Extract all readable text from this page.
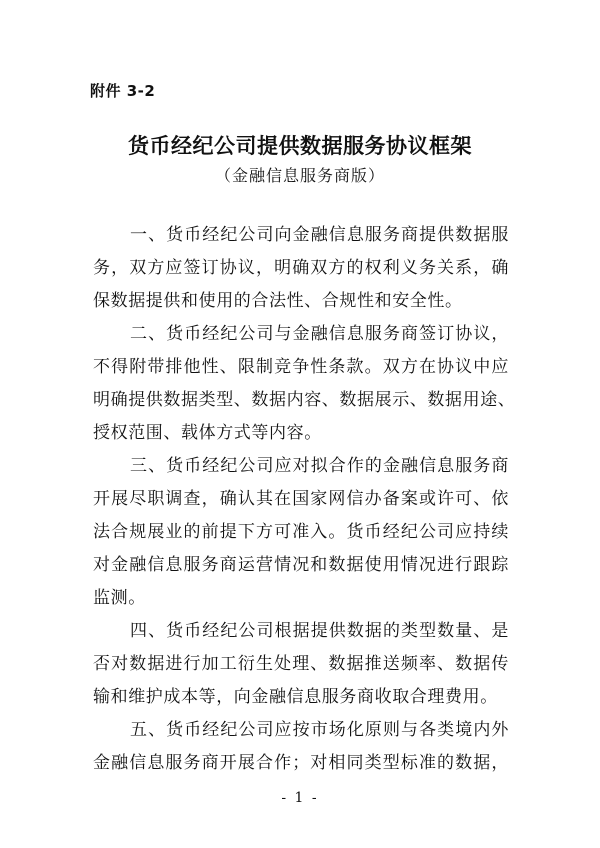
附件 3-2
货币经纪公司提供数据服务协议框架
（金融信息服务商版）
一、货币经纪公司向金融信息服务商提供数据服
务，双方应签订协议，明确双方的权利义务关系，确
保数据提供和使用的合法性、合规性和安全性。
二、货币经纪公司与金融信息服务商签订协议，
不得附带排他性、限制竞争性条款。双方在协议中应
明确提供数据类型、数据内容、数据展示、数据用途、
授权范围、载体方式等内容。
三、货币经纪公司应对拟合作的金融信息服务商
开展尽职调查，确认其在国家网信办备案或许可、依
法合规展业的前提下方可准入。货币经纪公司应持续
对金融信息服务商运营情况和数据使用情况进行跟踪
监测。
四、货币经纪公司根据提供数据的类型数量、是
否对数据进行加工衍生处理、数据推送频率、数据传
输和维护成本等，向金融信息服务商收取合理费用。
五、货币经纪公司应按市场化原则与各类境内外
金融信息服务商开展合作；对相同类型标准的数据，
- 1 -
